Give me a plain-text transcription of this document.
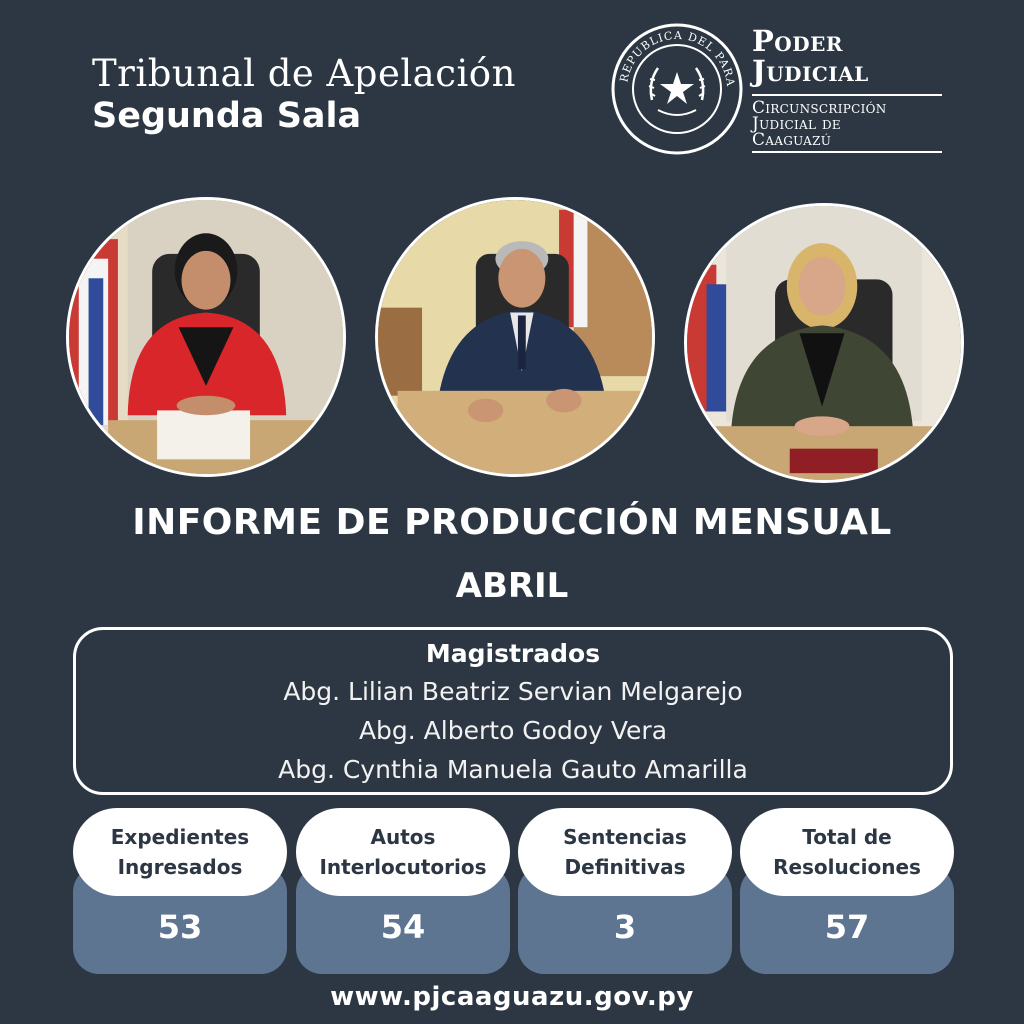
Tribunal de Apelación
Segunda Sala
REPUBLICA DEL PARA
Poder
Judicial
Circunscripción
Judicial de
Caaguazú
INFORME DE PRODUCCIÓN MENSUAL
ABRIL
Magistrados
Abg. Lilian Beatriz Servian Melgarejo
Abg. Alberto Godoy Vera
Abg. Cynthia Manuela Gauto Amarilla
Expedientes
Ingresados
53
Autos
Interlocutorios
54
Sentencias
Definitivas
3
Total de
Resoluciones
57
www.pjcaaguazu.gov.py
